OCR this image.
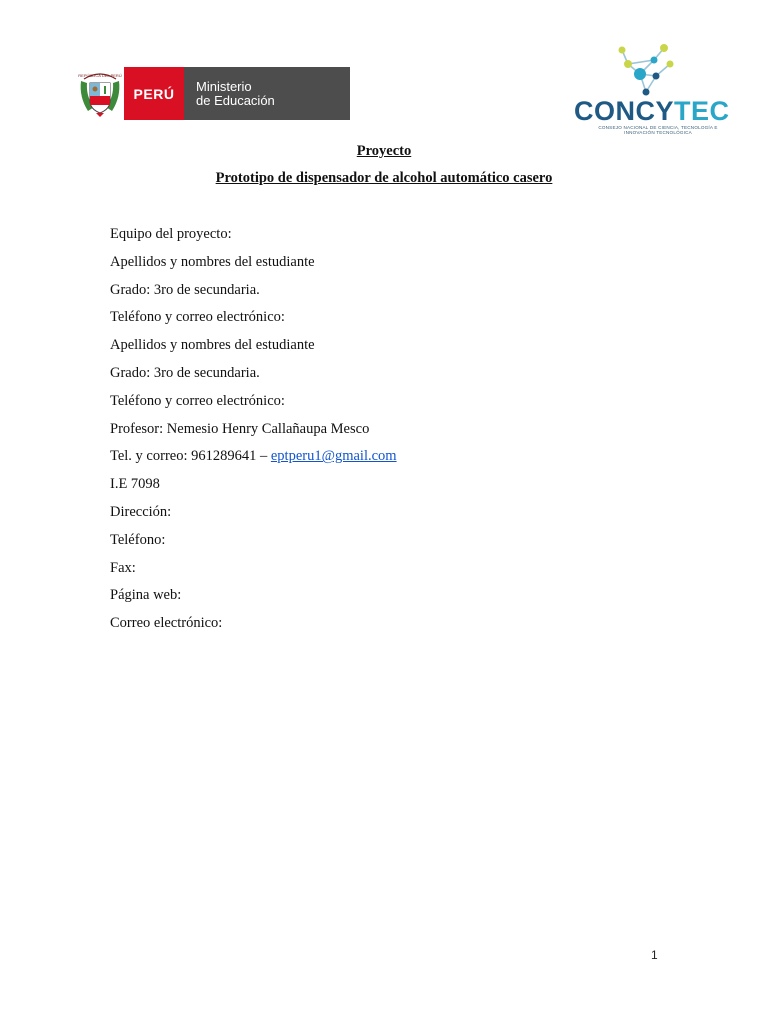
REPÚBLICA DEL PERÚ
PERÚ	Ministerio
de Educación	CONCYTEC
CONSEJO NACIONAL DE CIENCIA, TECNOLOGÍA E INNOVACIÓN TECNOLÓGICA
Proyecto
Prototipo de dispensador de alcohol automático casero
Equipo del proyecto:
Apellidos y nombres del estudiante
Grado: 3ro de secundaria.
Teléfono y correo electrónico:
Apellidos y nombres del estudiante
Grado: 3ro de secundaria.
Teléfono y correo electrónico:
Profesor: Nemesio Henry Callañaupa Mesco
Tel. y correo: 961289641 – eptperu1@gmail.com
I.E 7098
Dirección:
Teléfono:
Fax:
Página web:
Correo electrónico:
1
